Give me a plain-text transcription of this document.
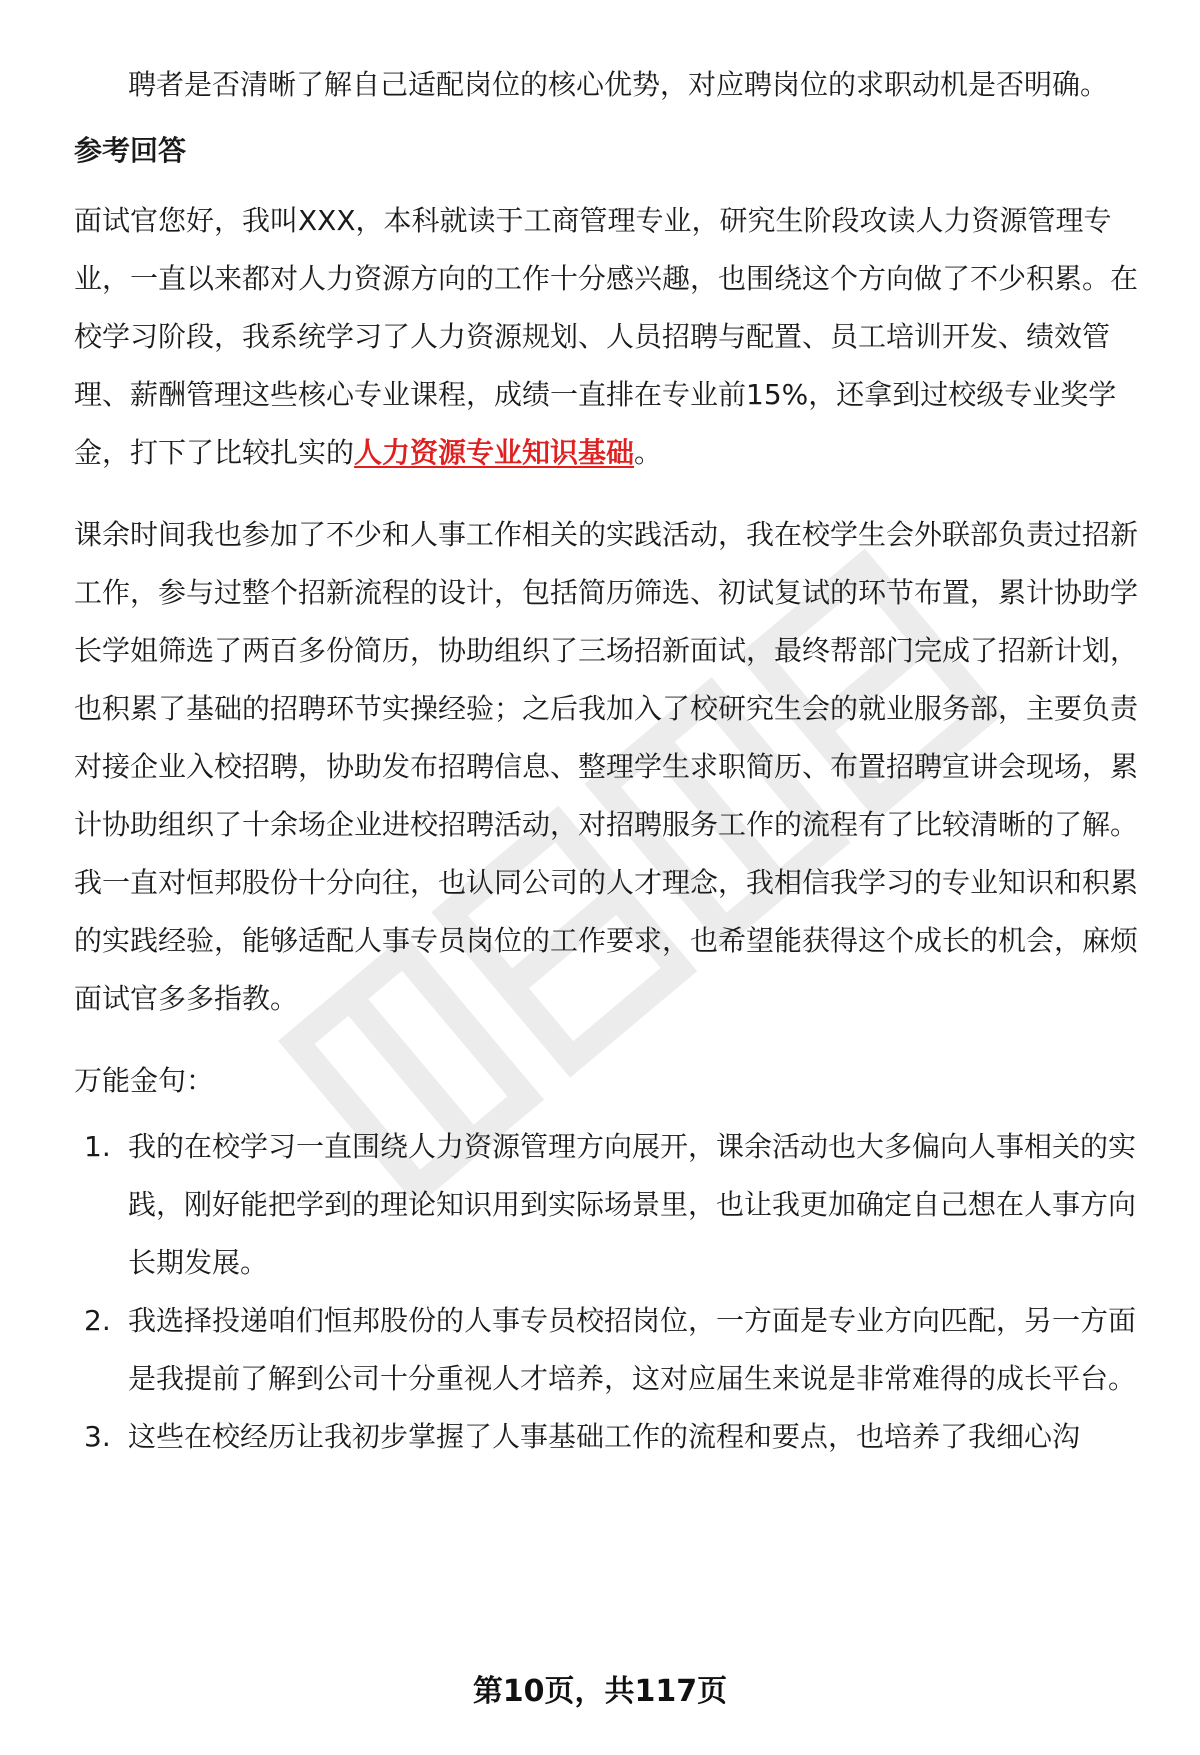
聘者是否清晰了解自己适配岗位的核心优势，对应聘岗位的求职动机是否明确。

参考回答

面试官您好，我叫XXX，本科就读于工商管理专业，研究生阶段攻读人力资源管理专业，一直以来都对人力资源方向的工作十分感兴趣，也围绕这个方向做了不少积累。在校学习阶段，我系统学习了人力资源规划、人员招聘与配置、员工培训开发、绩效管理、薪酬管理这些核心专业课程，成绩一直排在专业前15%，还拿到过校级专业奖学金，打下了比较扎实的人力资源专业知识基础。

课余时间我也参加了不少和人事工作相关的实践活动，我在校学生会外联部负责过招新工作，参与过整个招新流程的设计，包括简历筛选、初试复试的环节布置，累计协助学长学姐筛选了两百多份简历，协助组织了三场招新面试，最终帮部门完成了招新计划，也积累了基础的招聘环节实操经验；之后我加入了校研究生会的就业服务部，主要负责对接企业入校招聘，协助发布招聘信息、整理学生求职简历、布置招聘宣讲会现场，累计协助组织了十余场企业进校招聘活动，对招聘服务工作的流程有了比较清晰的了解。我一直对恒邦股份十分向往，也认同公司的人才理念，我相信我学习的专业知识和积累的实践经验，能够适配人事专员岗位的工作要求，也希望能获得这个成长的机会，麻烦面试官多多指教。

万能金句：

1. 我的在校学习一直围绕人力资源管理方向展开，课余活动也大多偏向人事相关的实践，刚好能把学到的理论知识用到实际场景里，也让我更加确定自己想在人事方向长期发展。
2. 我选择投递咱们恒邦股份的人事专员校招岗位，一方面是专业方向匹配，另一方面是我提前了解到公司十分重视人才培养，这对应届生来说是非常难得的成长平台。
3. 这些在校经历让我初步掌握了人事基础工作的流程和要点，也培养了我细心沟
第10页，共117页
